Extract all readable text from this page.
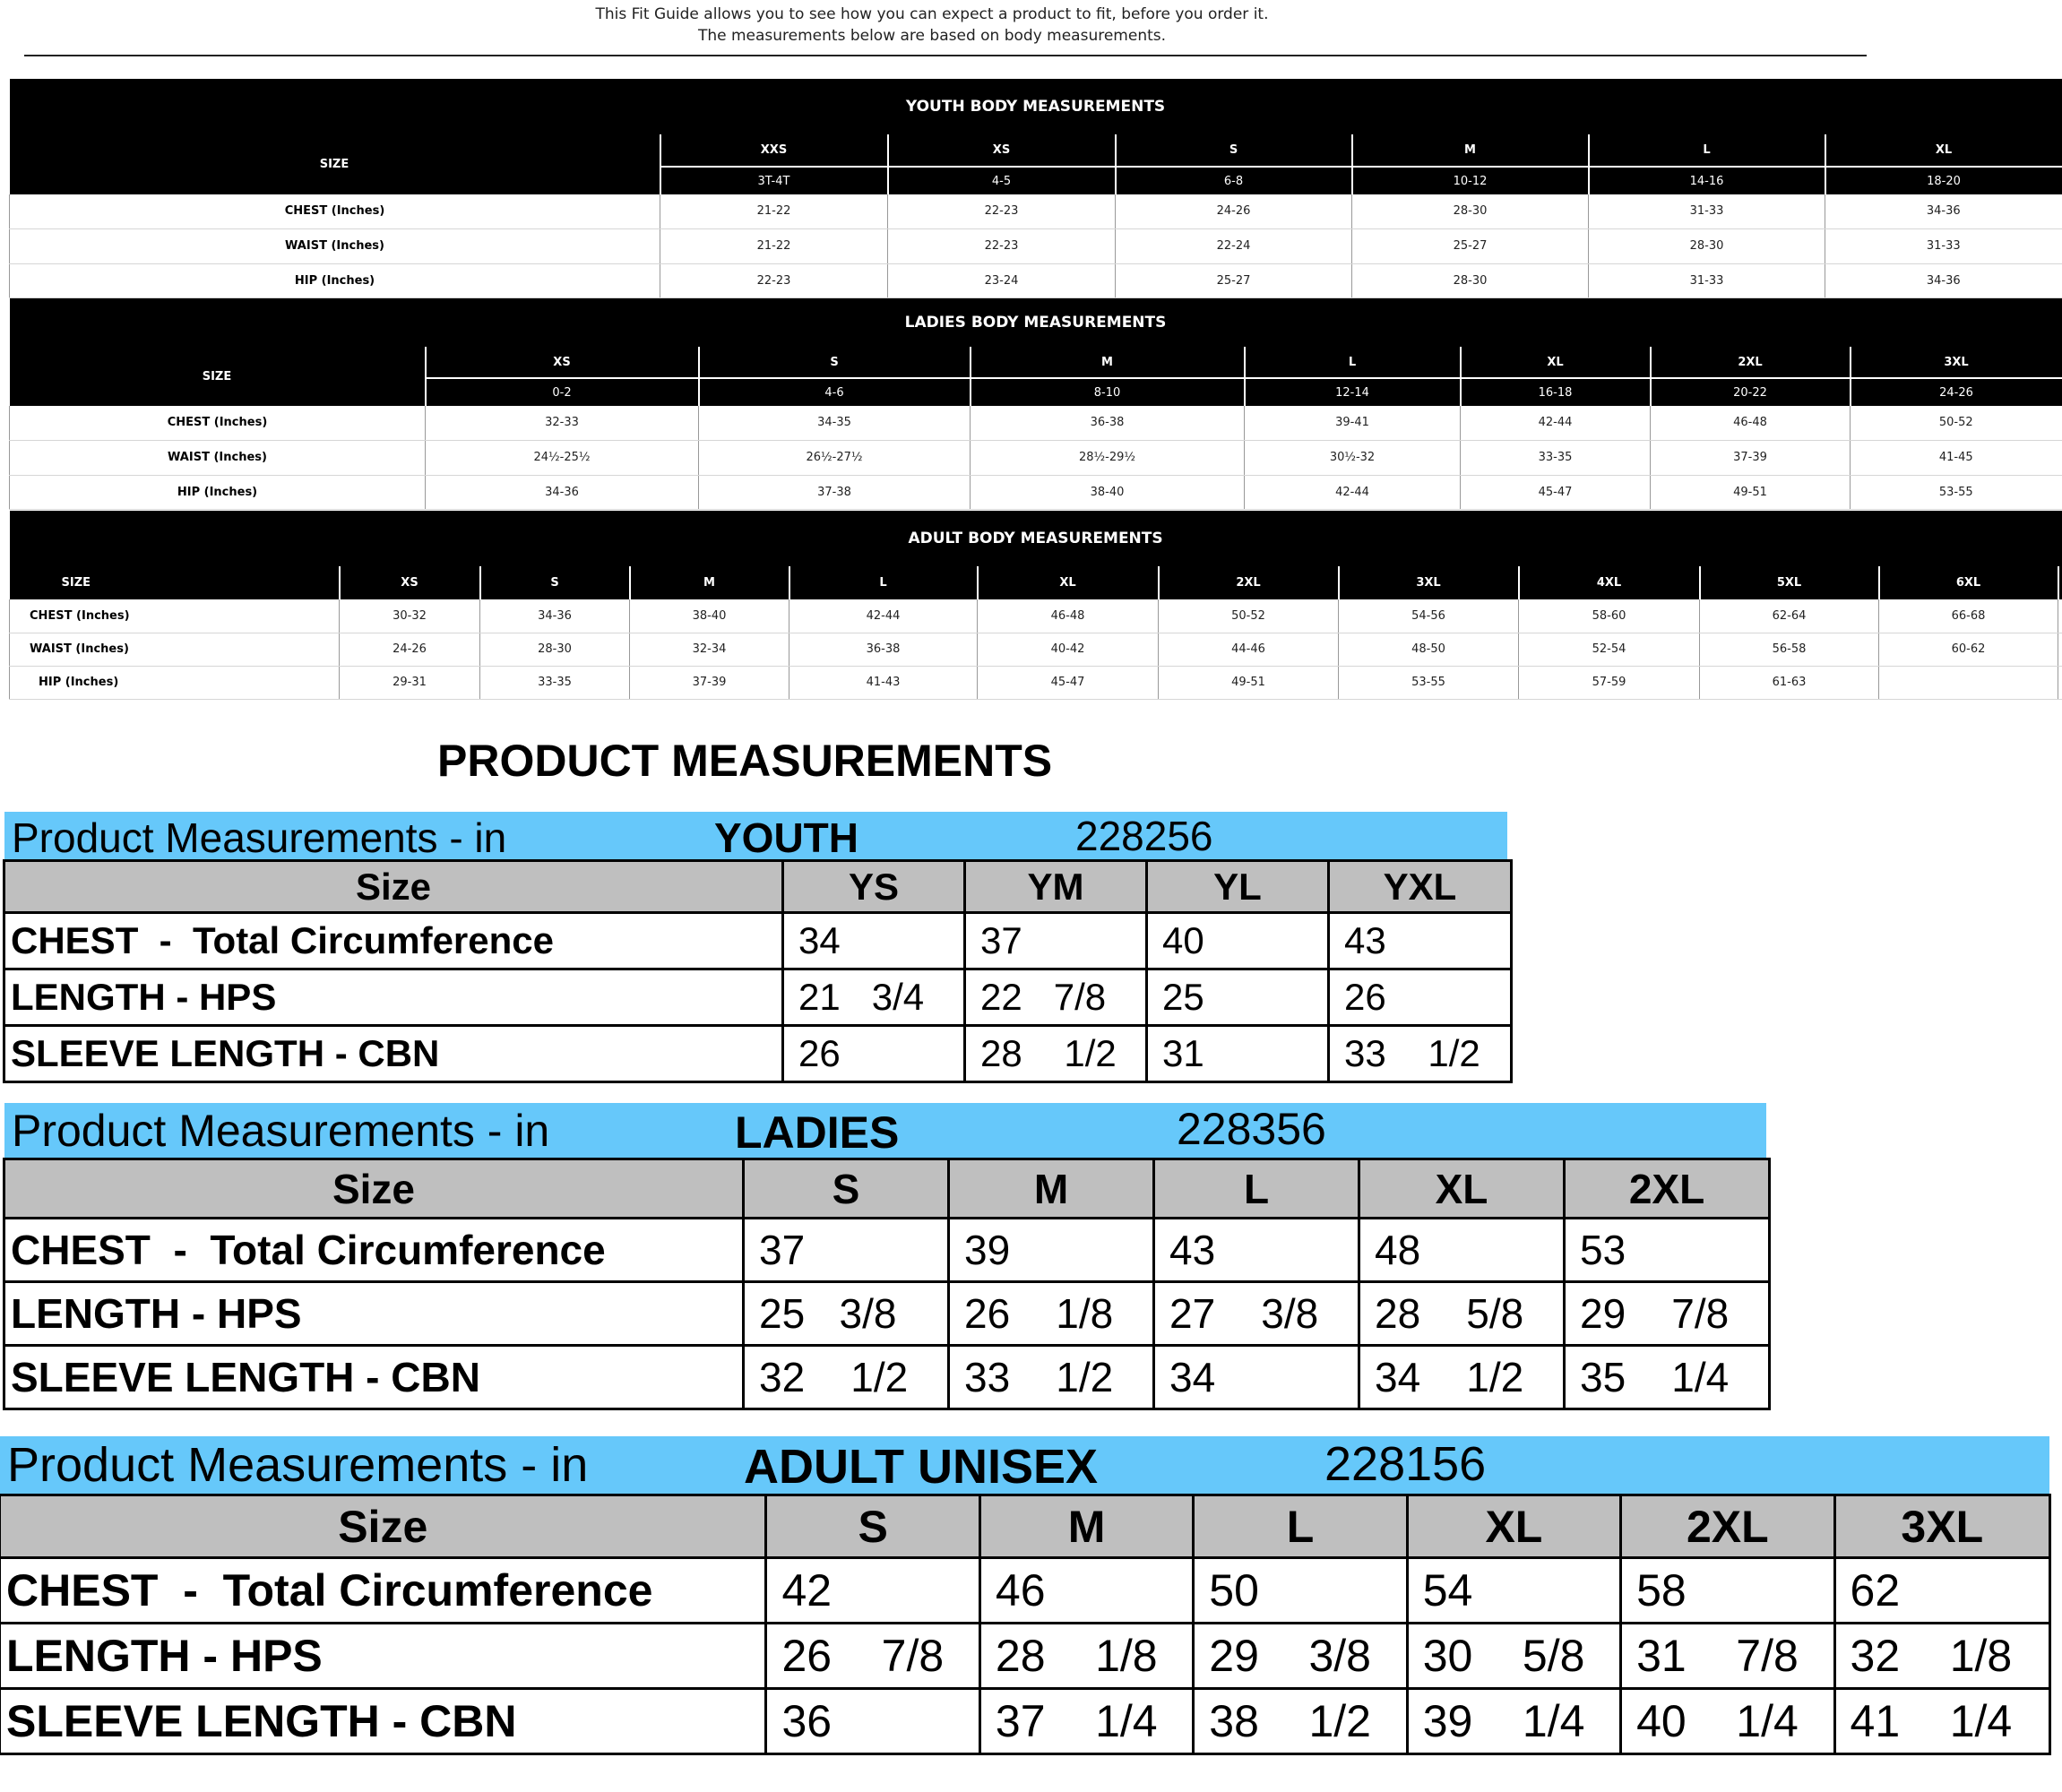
This Fit Guide allows you to see how you can expect a product to fit, before you order it.
The measurements below are based on body measurements.
YOUTH BODY MEASUREMENTS						
SIZE	XXS	XS	S	M	L	XL
	3T-4T	4-5	6-8	10-12	14-16	18-20
CHEST (Inches)	21-22	22-23	24-26	28-30	31-33	34-36
WAIST (Inches)	21-22	22-23	22-24	25-27	28-30	31-33
HIP (Inches)	22-23	23-24	25-27	28-30	31-33	34-36
LADIES BODY MEASUREMENTS							
SIZE	XS	S	M	L	XL	2XL	3XL
	0-2	4-6	8-10	12-14	16-18	20-22	24-26
CHEST (Inches)	32-33	34-35	36-38	39-41	42-44	46-48	50-52
WAIST (Inches)	24½-25½	26½-27½	28½-29½	30½-32	33-35	37-39	41-45
HIP (Inches)	34-36	37-38	38-40	42-44	45-47	49-51	53-55
ADULT BODY MEASUREMENTS											
SIZE	XS	S	M	L	XL	2XL	3XL	4XL	5XL	6XL	
CHEST (Inches)	30-32	34-36	38-40	42-44	46-48	50-52	54-56	58-60	62-64	66-68	
WAIST (Inches)	24-26	28-30	32-34	36-38	40-42	44-46	48-50	52-54	56-58	60-62	
HIP (Inches)	29-31	33-35	37-39	41-43	45-47	49-51	53-55	57-59	61-63		
PRODUCT MEASUREMENTS
Product Measurements - in	YOUTH	228256
Size	YS	YM	YL	YXL
CHEST  -  Total Circumference	34	37	40	43
LENGTH - HPS	21   3/4	22   7/8	25	26
SLEEVE LENGTH - CBN	26	28    1/2	31	33    1/2
Product Measurements - in	LADIES	228356
Size	S	M	L	XL	2XL
CHEST  -  Total Circumference	37	39	43	48	53
LENGTH - HPS	25   3/8	26    1/8	27    3/8	28    5/8	29    7/8
SLEEVE LENGTH - CBN	32    1/2	33    1/2	34	34    1/2	35    1/4
Product Measurements - in	ADULT UNISEX	228156
Size	S	M	L	XL	2XL	3XL
CHEST  -  Total Circumference	42	46	50	54	58	62
LENGTH - HPS	26    7/8	28    1/8	29    3/8	30    5/8	31    7/8	32    1/8
SLEEVE LENGTH - CBN	36	37    1/4	38    1/2	39    1/4	40    1/4	41    1/4
